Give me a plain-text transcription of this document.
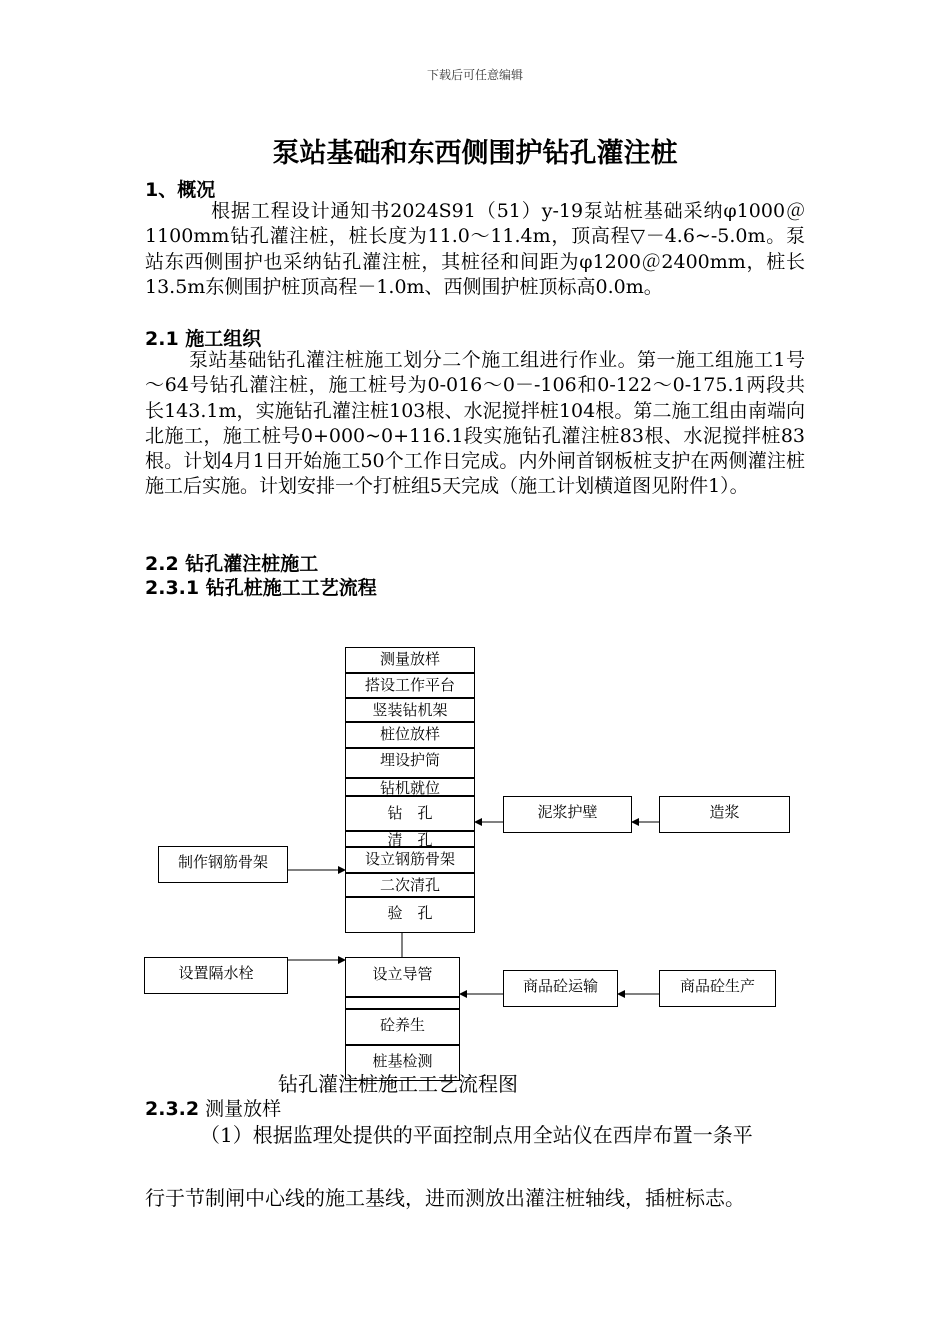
下载后可任意编辑
泵站基础和东西侧围护钻孔灌注桩
1、概况
根据工程设计通知书2024S91（51）y-19泵站桩基础采纳φ1000＠1100mm钻孔灌注桩，桩长度为11.0～11.4m，顶高程▽－4.6~-5.0m。泵站东西侧围护也采纳钻孔灌注桩，其桩径和间距为φ1200＠2400mm，桩长13.5m东侧围护桩顶高程－1.0m、西侧围护桩顶标高0.0m。
2.1 施工组织
泵站基础钻孔灌注桩施工划分二个施工组进行作业。第一施工组施工1号～64号钻孔灌注桩，施工桩号为0-016～0－-106和0-122～0-175.1两段共长143.1m，实施钻孔灌注桩103根、水泥搅拌桩104根。第二施工组由南端向北施工，施工桩号0+000~0+116.1段实施钻孔灌注桩83根、水泥搅拌桩83根。计划4月1日开始施工50个工作日完成。内外闸首钢板桩支护在两侧灌注桩施工后实施。计划安排一个打桩组5天完成（施工计划横道图见附件1）。
2.2 钻孔灌注桩施工
2.3.1 钻孔桩施工工艺流程
测量放样
搭设工作平台
竖装钻机架
桩位放样
埋设护筒
钻机就位
钻　孔
清　孔
设立钢筋骨架
二次清孔
验　孔
设立导管
砼养生
桩基检测
泥浆护壁	造浆
制作钢筋骨架
设置隔水栓
商品砼运输	商品砼生产
钻孔灌注桩施工工艺流程图
2.3.2 测量放样
（1）根据监理处提供的平面控制点用全站仪在西岸布置一条平
行于节制闸中心线的施工基线，进而测放出灌注桩轴线，插桩标志。
